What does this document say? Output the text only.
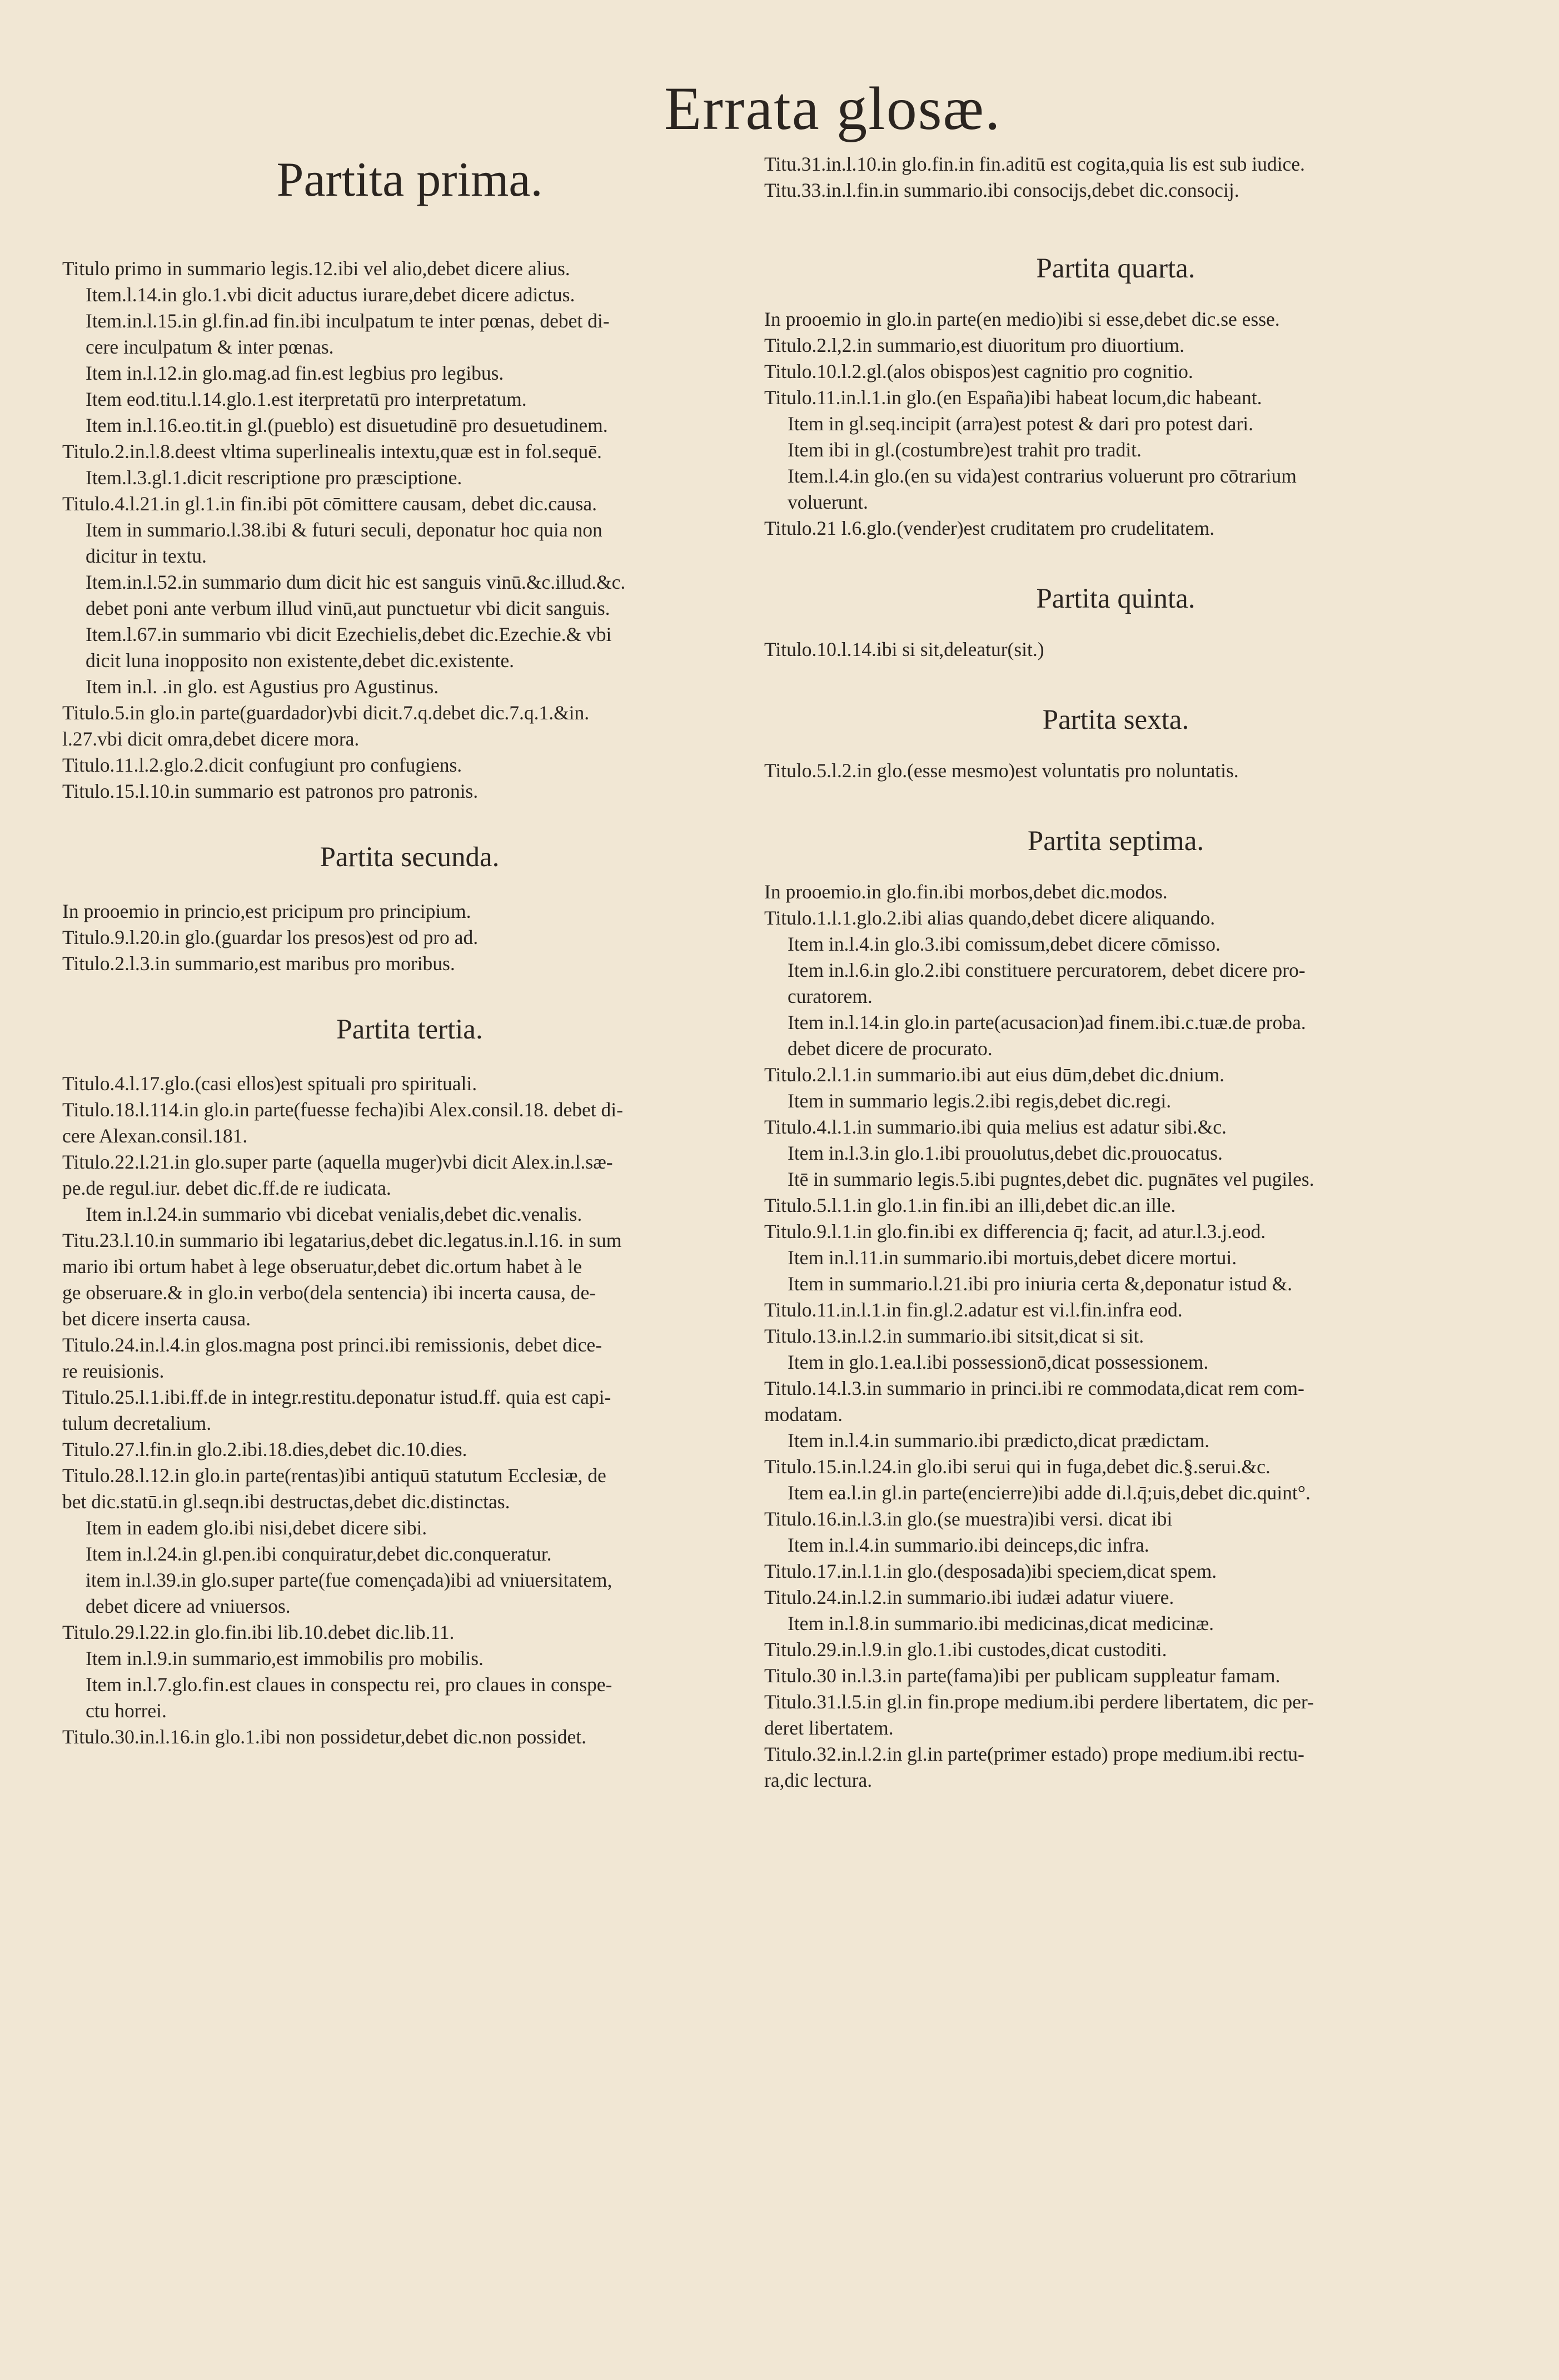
Errata glosæ.
Partita prima.

Titulo primo in summario legis.12.ibi vel alio,debet dicere alius.

Item.l.14.in glo.1.vbi dicit aductus iurare,debet dicere adictus.

Item.in.l.15.in gl.fin.ad fin.ibi inculpatum te inter pœnas, debet di-

cere inculpatum & inter pœnas.

Item in.l.12.in glo.mag.ad fin.est legbius pro legibus.

Item eod.titu.l.14.glo.1.est iterpretatū pro interpretatum.

Item in.l.16.eo.tit.in gl.(pueblo) est disuetudinē pro desuetudinem.

Titulo.2.in.l.8.deest vltima superlinealis intextu,quæ est in fol.sequē.

Item.l.3.gl.1.dicit rescriptione pro præsciptione.

Titulo.4.l.21.in gl.1.in fin.ibi pōt cōmittere causam, debet dic.causa.

Item in summario.l.38.ibi & futuri seculi, deponatur hoc quia non

dicitur in textu.

Item.in.l.52.in summario dum dicit hic est sanguis vinū.&c.illud.&c.

debet poni ante verbum illud vinū,aut punctuetur vbi dicit sanguis.

Item.l.67.in summario vbi dicit Ezechielis,debet dic.Ezechie.& vbi

dicit luna inopposito non existente,debet dic.existente.

Item in.l. .in glo. est Agustius pro Agustinus.

Titulo.5.in glo.in parte(guardador)vbi dicit.7.q.debet dic.7.q.1.&in.

l.27.vbi dicit omra,debet dicere mora.

Titulo.11.l.2.glo.2.dicit confugiunt pro confugiens.

Titulo.15.l.10.in summario est patronos pro patronis.

Partita secunda.

In prooemio in princio,est pricipum pro principium.

Titulo.9.l.20.in glo.(guardar los presos)est od pro ad.

Titulo.2.l.3.in summario,est maribus pro moribus.

Partita tertia.

Titulo.4.l.17.glo.(casi ellos)est spituali pro spirituali.

Titulo.18.l.114.in glo.in parte(fuesse fecha)ibi Alex.consil.18. debet di-

cere Alexan.consil.181.

Titulo.22.l.21.in glo.super parte (aquella muger)vbi dicit Alex.in.l.sæ-

pe.de regul.iur. debet dic.ff.de re iudicata.

Item in.l.24.in summario vbi dicebat venialis,debet dic.venalis.

Titu.23.l.10.in summario ibi legatarius,debet dic.legatus.in.l.16. in sum

mario ibi ortum habet à lege obseruatur,debet dic.ortum habet à le

ge obseruare.& in glo.in verbo(dela sentencia) ibi incerta causa, de-

bet dicere inserta causa.

Titulo.24.in.l.4.in glos.magna post princi.ibi remissionis, debet dice-

re reuisionis.

Titulo.25.l.1.ibi.ff.de in integr.restitu.deponatur istud.ff. quia est capi-

tulum decretalium.

Titulo.27.l.fin.in glo.2.ibi.18.dies,debet dic.10.dies.

Titulo.28.l.12.in glo.in parte(rentas)ibi antiquū statutum Ecclesiæ, de

bet dic.statū.in gl.seqn.ibi destructas,debet dic.distinctas.

Item in eadem glo.ibi nisi,debet dicere sibi.

Item in.l.24.in gl.pen.ibi conquiratur,debet dic.conqueratur.

item in.l.39.in glo.super parte(fue començada)ibi ad vniuersitatem,

debet dicere ad vniuersos.

Titulo.29.l.22.in glo.fin.ibi lib.10.debet dic.lib.11.

Item in.l.9.in summario,est immobilis pro mobilis.

Item in.l.7.glo.fin.est claues in conspectu rei, pro claues in conspe-

ctu horrei.

Titulo.30.in.l.16.in glo.1.ibi non possidetur,debet dic.non possidet.

Titu.31.in.l.10.in glo.fin.in fin.aditū est cogita,quia lis est sub iudice.

Titu.33.in.l.fin.in summario.ibi consocijs,debet dic.consocij.

Partita quarta.

In prooemio in glo.in parte(en medio)ibi si esse,debet dic.se esse.

Titulo.2.l,2.in summario,est diuoritum pro diuortium.

Titulo.10.l.2.gl.(alos obispos)est cagnitio pro cognitio.

Titulo.11.in.l.1.in glo.(en España)ibi habeat locum,dic habeant.

Item in gl.seq.incipit (arra)est potest & dari pro potest dari.

Item ibi in gl.(costumbre)est trahit pro tradit.

Item.l.4.in glo.(en su vida)est contrarius voluerunt pro cōtrarium

voluerunt.

Titulo.21 l.6.glo.(vender)est cruditatem pro crudelitatem.

Partita quinta.

Titulo.10.l.14.ibi si sit,deleatur(sit.)

Partita sexta.

Titulo.5.l.2.in glo.(esse mesmo)est voluntatis pro noluntatis.

Partita septima.

In prooemio.in glo.fin.ibi morbos,debet dic.modos.

Titulo.1.l.1.glo.2.ibi alias quando,debet dicere aliquando.

Item in.l.4.in glo.3.ibi comissum,debet dicere cōmisso.

Item in.l.6.in glo.2.ibi constituere percuratorem, debet dicere pro-

curatorem.

Item in.l.14.in glo.in parte(acusacion)ad finem.ibi.c.tuæ.de proba.

debet dicere de procurato.

Titulo.2.l.1.in summario.ibi aut eius dūm,debet dic.dnium.

Item in summario legis.2.ibi regis,debet dic.regi.

Titulo.4.l.1.in summario.ibi quia melius est adatur sibi.&c.

Item in.l.3.in glo.1.ibi prouolutus,debet dic.prouocatus.

Itē in summario legis.5.ibi pugntes,debet dic. pugnātes vel pugiles.

Titulo.5.l.1.in glo.1.in fin.ibi an illi,debet dic.an ille.

Titulo.9.l.1.in glo.fin.ibi ex differencia q̄; facit, ad atur.l.3.j.eod.

Item in.l.11.in summario.ibi mortuis,debet dicere mortui.

Item in summario.l.21.ibi pro iniuria certa &,deponatur istud &.

Titulo.11.in.l.1.in fin.gl.2.adatur est vi.l.fin.infra eod.

Titulo.13.in.l.2.in summario.ibi sitsit,dicat si sit.

Item in glo.1.ea.l.ibi possessionō,dicat possessionem.

Titulo.14.l.3.in summario in princi.ibi re commodata,dicat rem com-

modatam.

Item in.l.4.in summario.ibi prædicto,dicat prædictam.

Titulo.15.in.l.24.in glo.ibi serui qui in fuga,debet dic.§.serui.&c.

Item ea.l.in gl.in parte(encierre)ibi adde di.l.q̄;uis,debet dic.quint°.

Titulo.16.in.l.3.in glo.(se muestra)ibi versi. dicat ibi

Item in.l.4.in summario.ibi deinceps,dic infra.

Titulo.17.in.l.1.in glo.(desposada)ibi speciem,dicat spem.

Titulo.24.in.l.2.in summario.ibi iudæi adatur viuere.

Item in.l.8.in summario.ibi medicinas,dicat medicinæ.

Titulo.29.in.l.9.in glo.1.ibi custodes,dicat custoditi.

Titulo.30 in.l.3.in parte(fama)ibi per publicam suppleatur famam.

Titulo.31.l.5.in gl.in fin.prope medium.ibi perdere libertatem, dic per-

deret libertatem.

Titulo.32.in.l.2.in gl.in parte(primer estado) prope medium.ibi rectu-

ra,dic lectura.
